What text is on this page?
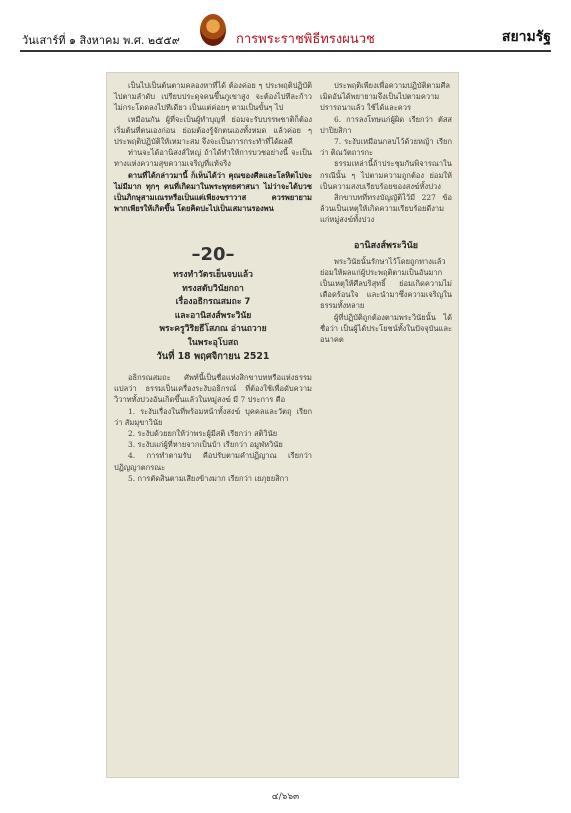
วันเสาร์ที่ ๑ สิงหาคม พ.ศ. ๒๕๕๙	การพระราชพิธีทรงผนวช	สยามรัฐ

เป็นไปเป็นต้นตามคลองหาที่ได้ ต้องค่อย ๆ ประพฤติปฏิบัติไปตามลำดับ เปรียบประดุจคนขึ้นภูเขาสูง จะต้องไปทีละก้าว ไม่กระโดดลงไปทีเดียว เป็นแต่ค่อยๆ ตามเป็นขั้นๆ ไป

เหมือนกัน ผู้ที่จะเป็นผู้ทำบุญที่ ย่อมจะรับบรรพชาติก็ต้องเริ่มต้นที่ตนเองก่อน ย่อมต้องรู้จักตนเองทั้งหมด แล้วค่อย ๆ ประพฤติปฏิบัติให้เหมาะสม จึงจะเป็นการกระทำที่ได้ผลดี

ท่านจะได้อานิสงส์ใหญ่ ถ้าได้ทำให้การบวชอย่างนี้ จะเป็นทางแห่งความสุขความเจริญที่แท้จริง

ดานที่ได้กล่าวมานี้ ก็เห็นได้ว่า คุณของศีลและโลหิตไปจะไม่มีมาก ทุกๆ คนที่เกิดมาในพระพุทธศาสนา ไม่ว่าจะได้บวชเป็นภิกษุสามเณรหรือเป็นแต่เพียงฆราวาส ควรพยายามพากเพียรให้เกิดขึ้น โดยคิดปะไปเป็นเสมานรองพน

–20–
ทรงทำวัตรเย็นจบแล้ว
ทรงสดับวินัยกถา
เรื่องอธิกรณสมถะ 7
และอานิสงส์พระวินัย
พระครูวิริยธีโสภณ อ่านถวาย
ในพระอุโบสถ
วันที่ 18 พฤศจิกายน 2521

อธิกรณสมถะ ศัพท์นี้เป็นชื่อแห่งสิกขาบทหรือแห่งธรรม แปลว่า ธรรมเป็นเครื่องระงับอธิกรณ์ ที่ต้องใช้เพื่อดับความวิวาททั้งปวงอันเกิดขึ้นแล้วในหมู่สงฆ์ มี 7 ประการ คือ

1. ระงับเรื่องในที่พร้อมหน้าทั้งสงฆ์ บุคคลและวัตถุ เรียกว่า สัมมุขาวินัย

2. ระงับด้วยยกให้ว่าพระผู้มีสติ เรียกว่า สติวินัย

3. ระงับแก่ผู้ที่หายจากเป็นบ้า เรียกว่า อมูฬหวินัย

4. การทำตามรับ คือปรับตามคำปฏิญาณ เรียกว่า ปฏิญญาตกรณะ

5. การตัดสินตามเสียงข้างมาก เรียกว่า เยภุยยสิกา

ประพฤติเพียงเพื่อความปฏิบัติตามศีลเมิดอันได้พยายามจึงเป็นไปตามความปรารถนาแล้ว ใช้ได้และควร

6. การลงโทษแก่ผู้ผิด เรียกว่า ตัสสปาปิยสิกา

7. ระงับเหมือนกลบไว้ด้วยหญ้า เรียกว่า ติณวัตถารกะ

ธรรมเหล่านี้ถ้าประชุมกันพิจารณาในกรณีนั้น ๆ ไปตามความถูกต้อง ย่อมให้เป็นความสงบเรียบร้อยของสงฆ์ทั้งปวง

สิกขาบทที่ทรงบัญญัติไว้มี 227 ข้อ ล้วนเป็นเหตุให้เกิดความเรียบร้อยดีงามแก่หมู่สงฆ์ทั้งปวง

อานิสงส์พระวินัย

พระวินัยนั้นรักษาไว้โดยถูกทางแล้ว ย่อมให้ผลแก่ผู้ประพฤติตามเป็นอันมาก เป็นเหตุให้ศีลบริสุทธิ์ ย่อมเกิดความไม่เดือดร้อนใจ และนำมาซึ่งความเจริญในธรรมทั้งหลาย

ผู้ที่ปฏิบัติถูกต้องตามพระวินัยนั้น ได้ชื่อว่า เป็นผู้ได้ประโยชน์ทั้งในปัจจุบันและอนาคต

๔/๖๖๓
